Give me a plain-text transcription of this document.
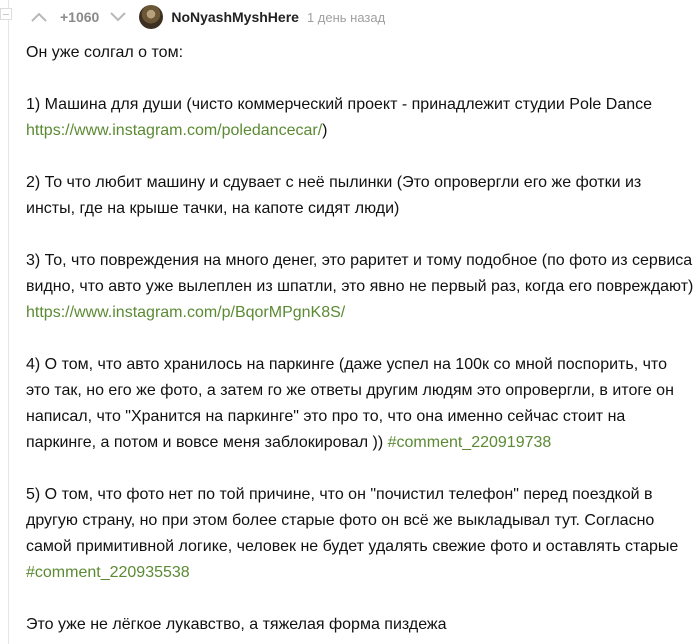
+1060	NoNyashMyshHere 1 день назад

Он уже солгал о том:

1) Машина для души (чисто коммерческий проект - принадлежит студии Pole Dance
https://www.instagram.com/poledancecar/)

2) То что любит машину и сдувает с неё пылинки (Это опровергли его же фотки из инсты, где на крыше тачки, на капоте сидят люди)

3) То, что повреждения на много денег, это раритет и тому подобное (по фото из сервиса видно, что авто уже вылеплен из шпатли, это явно не первый раз, когда его повреждают) https://www.instagram.com/p/BqorMPgnK8S/

4) О том, что авто хранилось на паркинге (даже успел на 100к со мной поспорить, что это так, но его же фото, а затем го же ответы другим людям это опровергли, в итоге он написал, что "Хранится на паркинге" это про то, что она именно сейчас стоит на паркинге, а потом и вовсе меня заблокировал )) #comment_220919738

5) О том, что фото нет по той причине, что он "почистил телефон" перед поездкой в другую страну, но при этом более старые фото он всё же выкладывал тут. Согласно самой примитивной логике, человек не будет удалять свежие фото и оставлять старые #comment_220935538

Это уже не лёгкое лукавство, а тяжелая форма пиздежа
